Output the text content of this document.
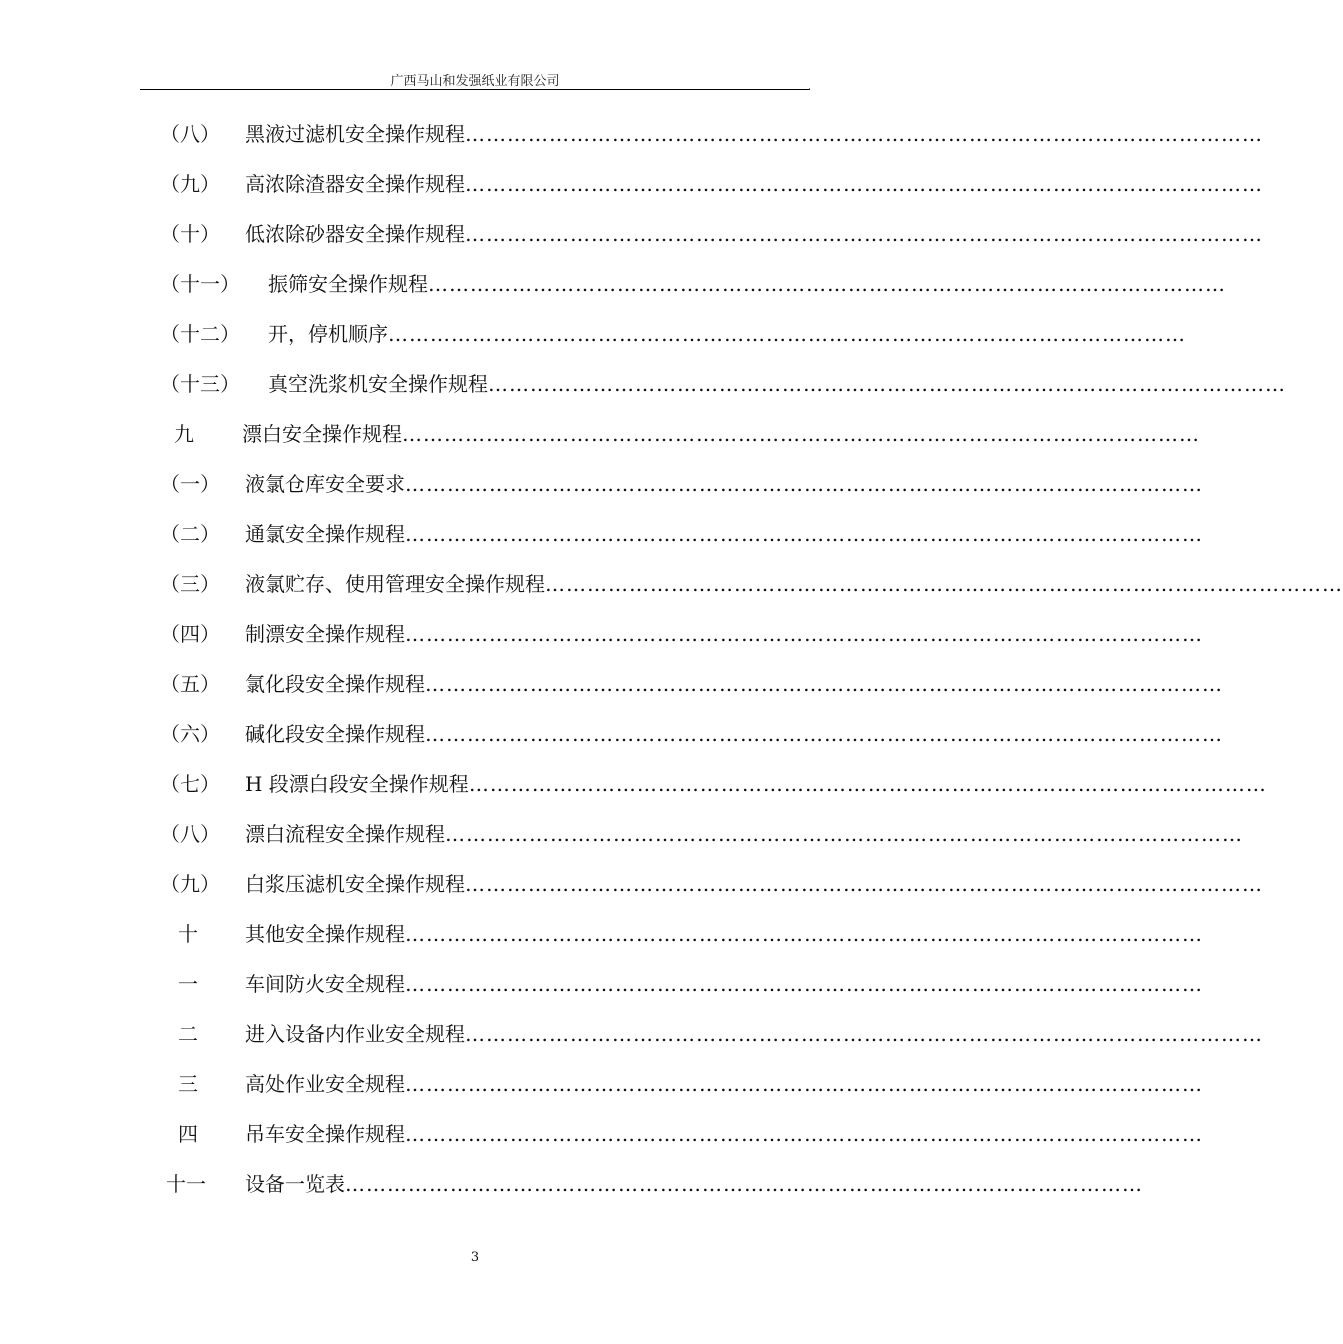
广西马山和发强纸业有限公司	,
（八） 黑液过滤机安全操作规程……………………………………………………………………………………………………
（九） 高浓除渣器安全操作规程……………………………………………………………………………………………………
（十） 低浓除砂器安全操作规程……………………………………………………………………………………………………
（十一） 振筛安全操作规程……………………………………………………………………………………………………
（十二） 开，停机顺序……………………………………………………………………………………………………
（十三） 真空洗浆机安全操作规程……………………………………………………………………………………………………
九 漂白安全操作规程……………………………………………………………………………………………………
（一） 液氯仓库安全要求……………………………………………………………………………………………………
（二） 通氯安全操作规程……………………………………………………………………………………………………
（三） 液氯贮存、使用管理安全操作规程……………………………………………………………………………………………………
（四） 制漂安全操作规程……………………………………………………………………………………………………
（五） 氯化段安全操作规程……………………………………………………………………………………………………
（六） 碱化段安全操作规程……………………………………………………………………………………………………
（七） H 段漂白段安全操作规程……………………………………………………………………………………………………
（八） 漂白流程安全操作规程……………………………………………………………………………………………………
（九） 白浆压滤机安全操作规程……………………………………………………………………………………………………
十 其他安全操作规程……………………………………………………………………………………………………
一 车间防火安全规程……………………………………………………………………………………………………
二 进入设备内作业安全规程……………………………………………………………………………………………………
三 高处作业安全规程……………………………………………………………………………………………………
四 吊车安全操作规程……………………………………………………………………………………………………
十一 设备一览表……………………………………………………………………………………………………
3
